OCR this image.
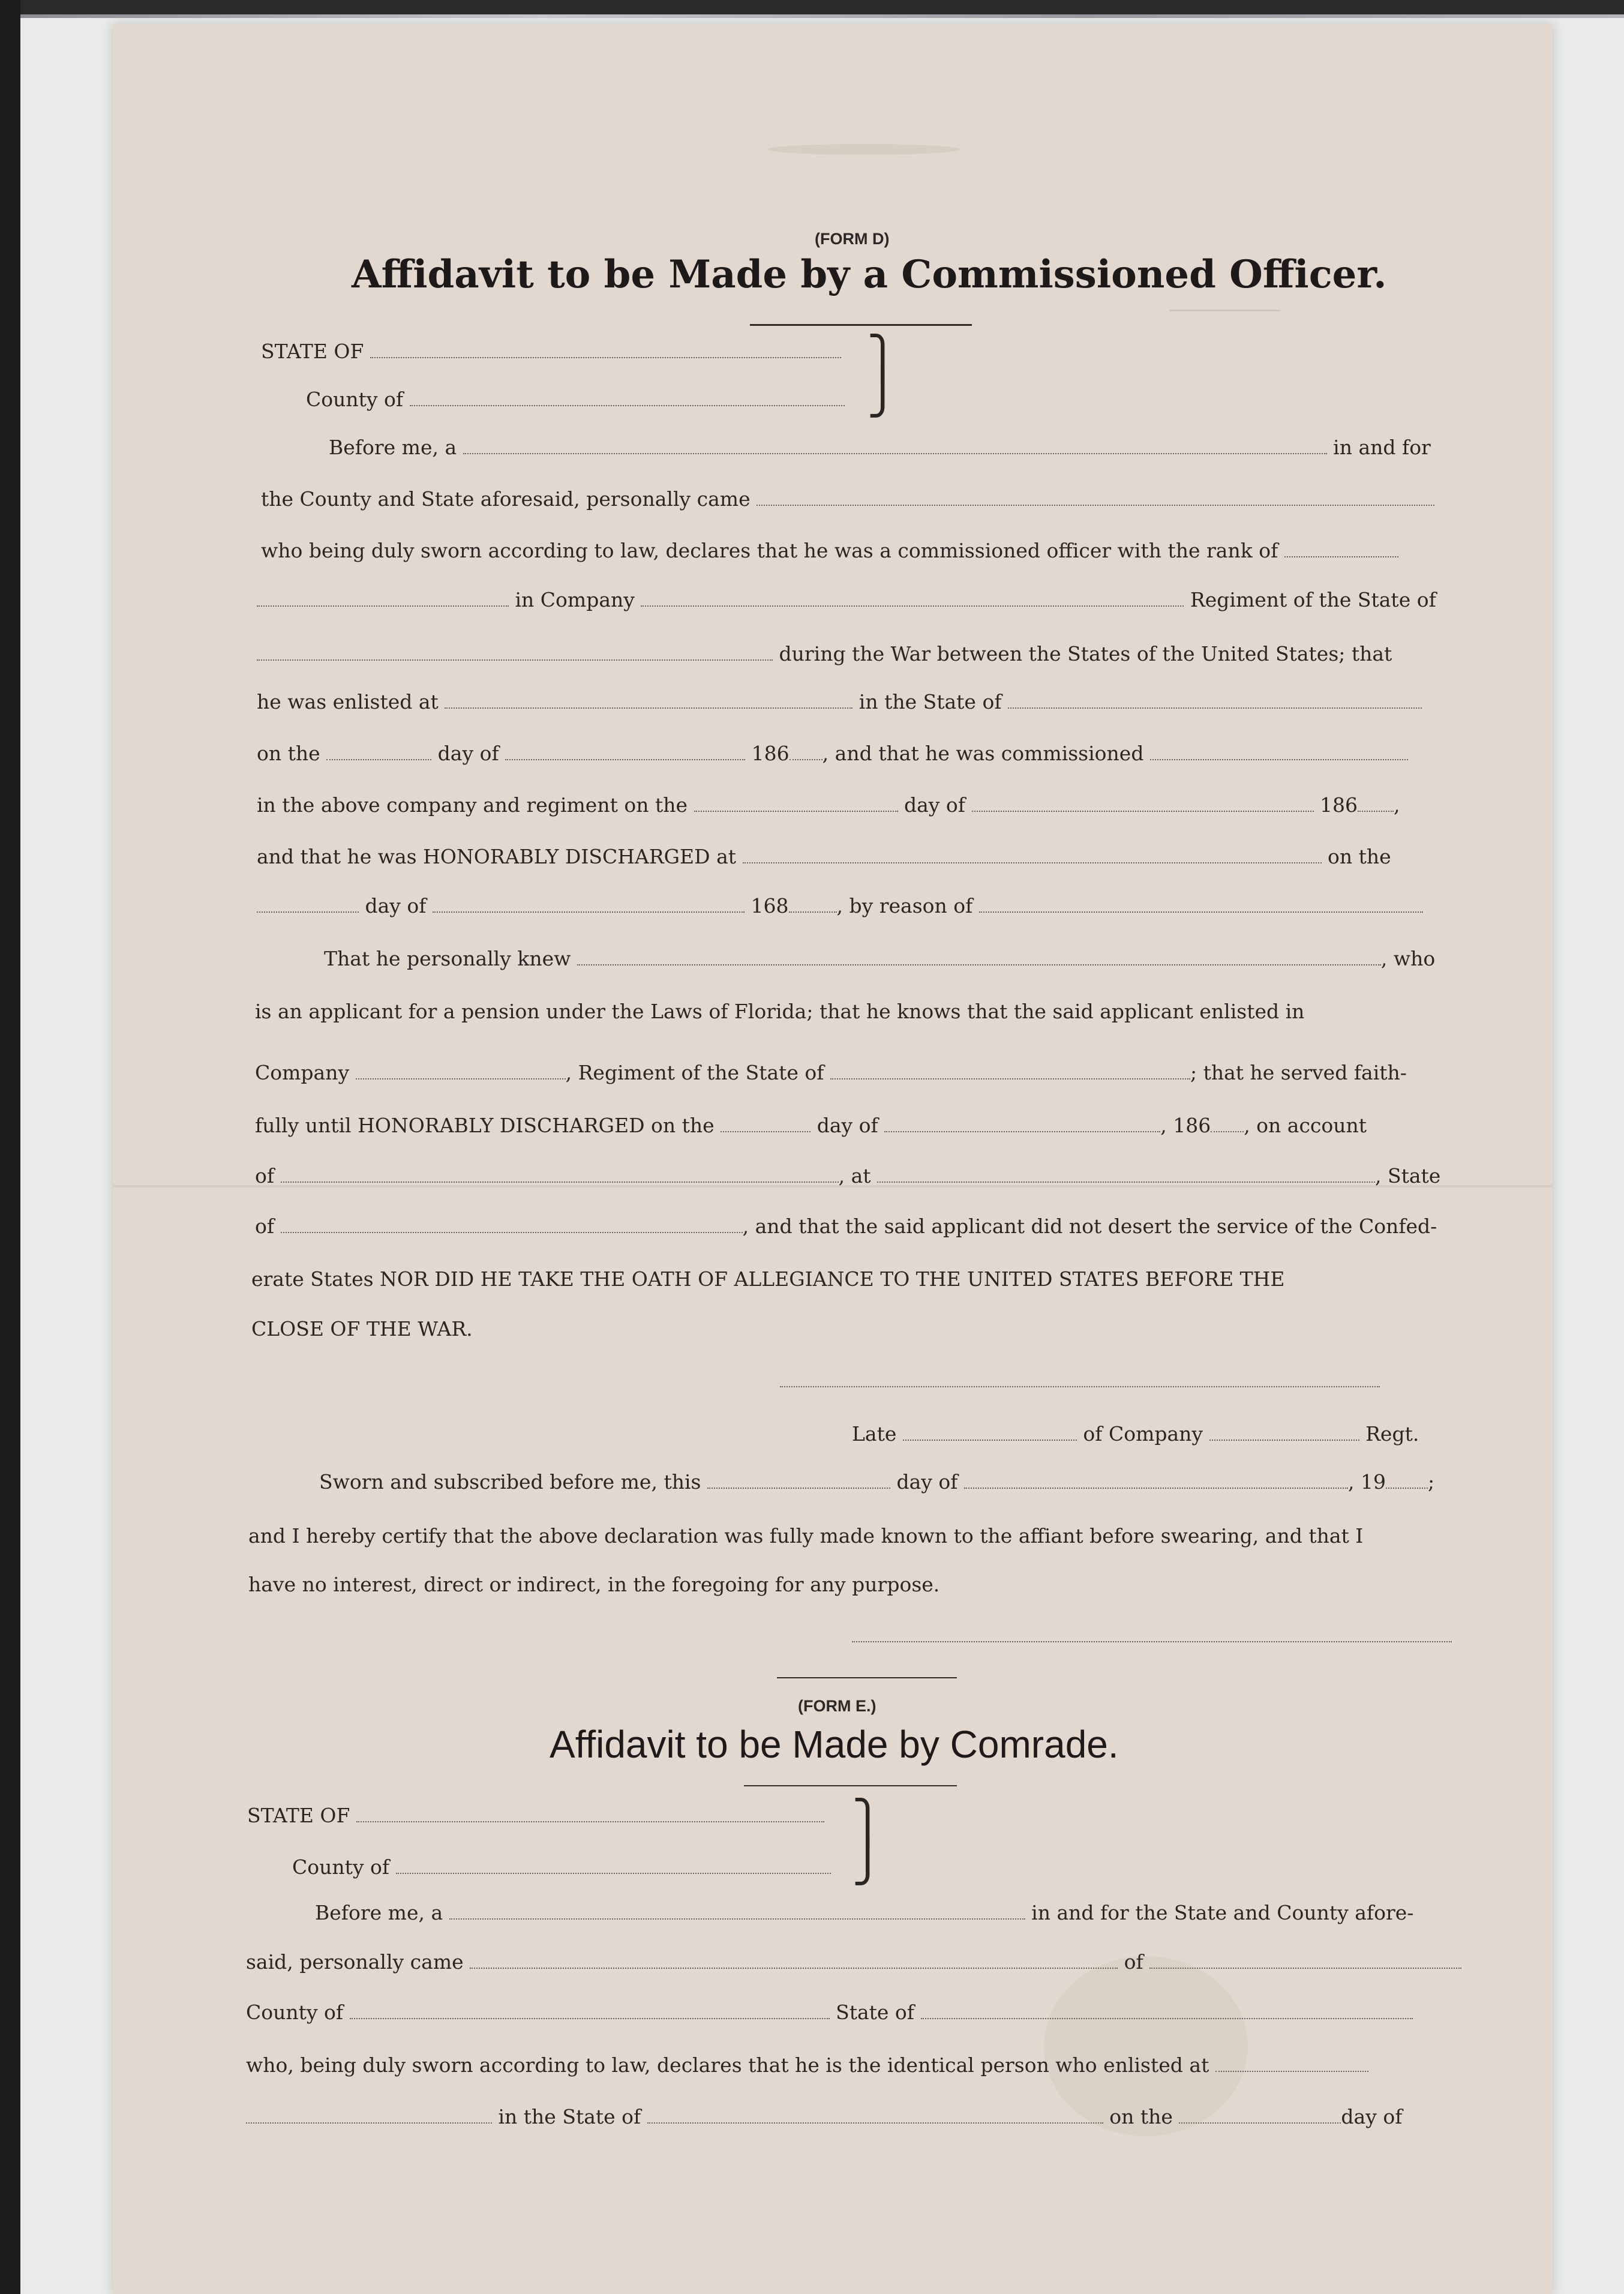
─────────
(FORM D)
Affidavit to be Made by a Commissioned Officer.
STATE OF
County of
⎫
⎭
Before me, a	in and for
the County and State aforesaid, personally came
who being duly sworn according to law, declares that he was a commissioned officer with the rank of
in Company	Regiment of the State of
during the War between the States of the United States; that
he was enlisted at	in the State of
on the	day of	186 , and that he was commissioned
in the above company and regiment on the	day of	186 ,
and that he was HONORABLY DISCHARGED at	on the
day of	168 , by reason of
That he personally knew	, who
is an applicant for a pension under the Laws of Florida; that he knows that the said applicant enlisted in
Company	, Regiment of the State of	; that he served faith-
fully until HONORABLY DISCHARGED on the	day of	, 186 , on account
of	, at	, State
of	, and that the said applicant did not desert the service of the Confed-
erate States NOR DID HE TAKE THE OATH OF ALLEGIANCE TO THE UNITED STATES BEFORE THE
CLOSE OF THE WAR.
Late	of Company	Regt.
Sworn and subscribed before me, this	day of	, 19 ;
and I hereby certify that the above declaration was fully made known to the affiant before swearing, and that I
have no interest, direct or indirect, in the foregoing for any purpose.
(FORM E.)
Affidavit to be Made by Comrade.
STATE OF
County of
⎫
⎭
Before me, a	in and for the State and County afore-
said, personally came	of
County of	State of
who, being duly sworn according to law, declares that he is the identical person who enlisted at
in the State of	on the	day of
